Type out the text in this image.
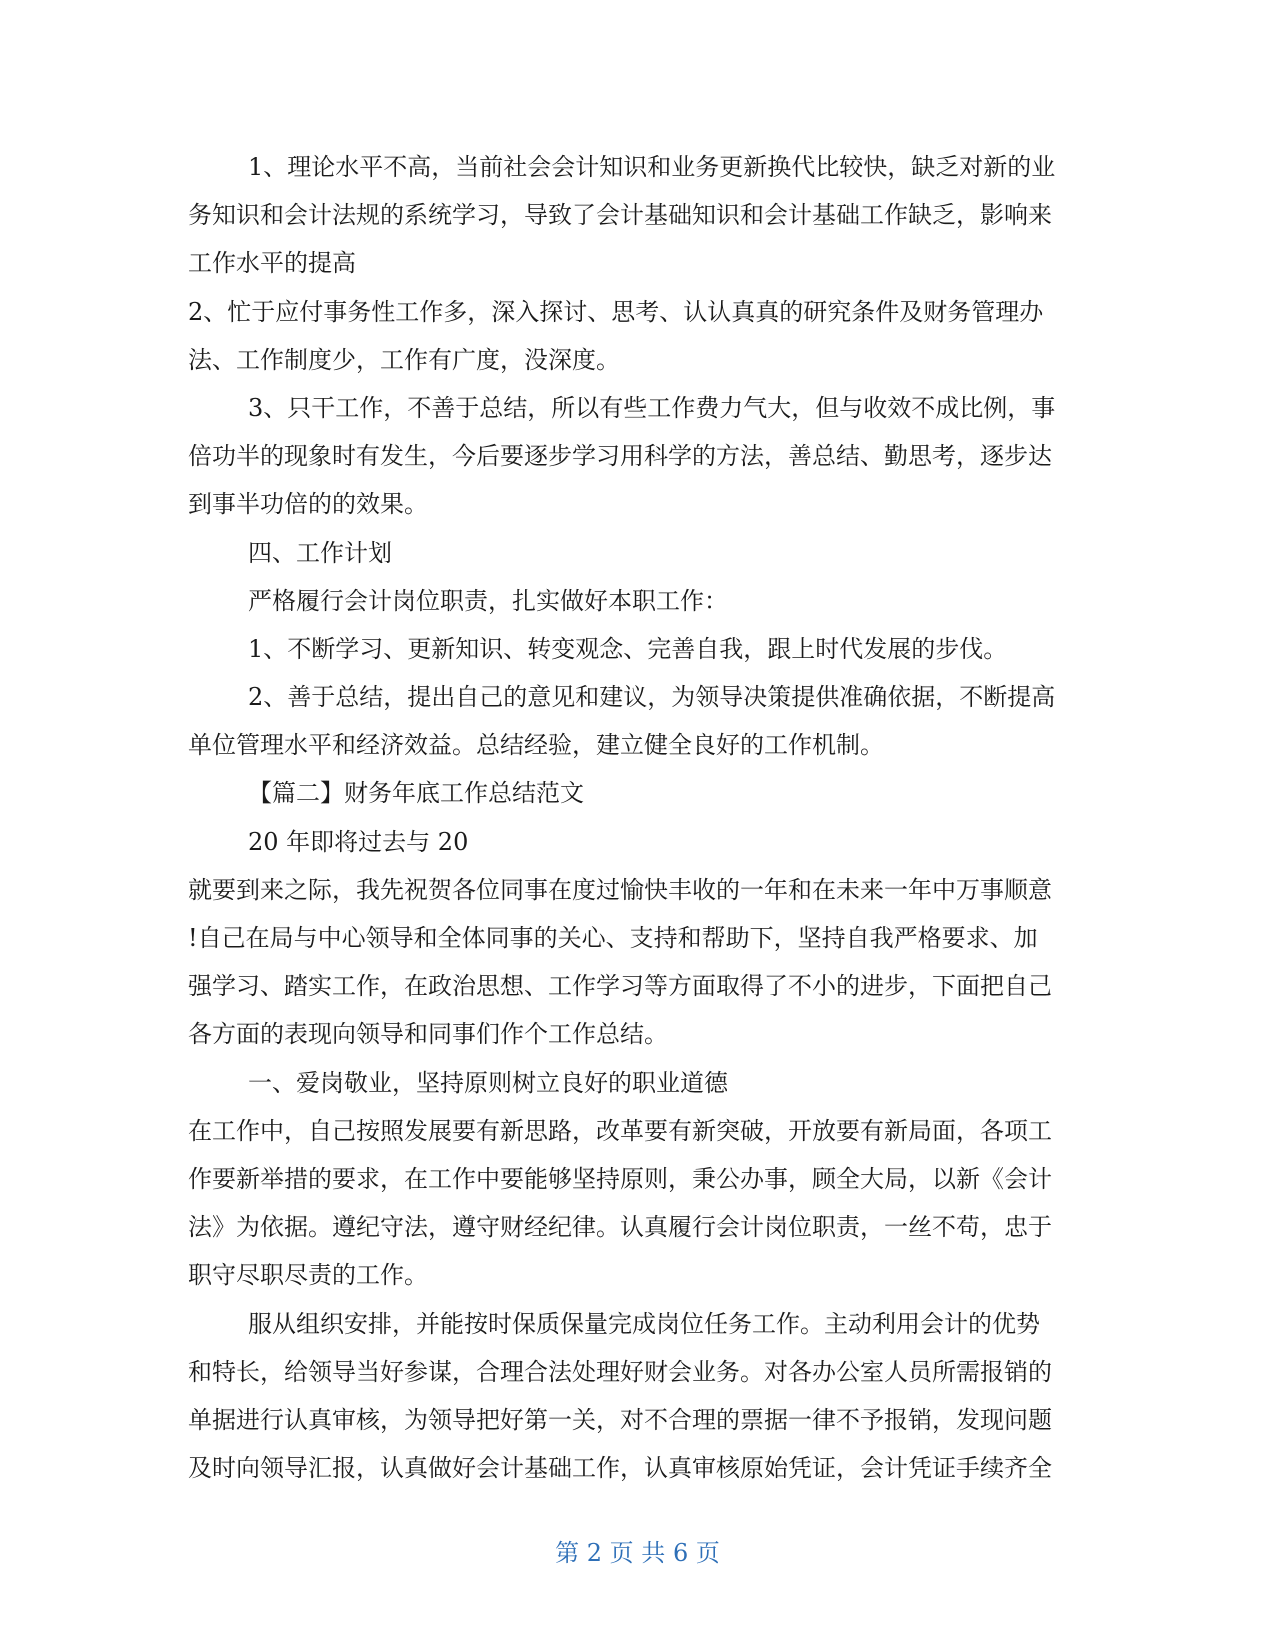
1、理论水平不高，当前社会会计知识和业务更新换代比较快，缺乏对新的业
务知识和会计法规的系统学习，导致了会计基础知识和会计基础工作缺乏，影响来
工作水平的提高
2、忙于应付事务性工作多，深入探讨、思考、认认真真的研究条件及财务管理办
法、工作制度少，工作有广度，没深度。
3、只干工作，不善于总结，所以有些工作费力气大，但与收效不成比例，事
倍功半的现象时有发生，今后要逐步学习用科学的方法，善总结、勤思考，逐步达
到事半功倍的的效果。
四、工作计划
严格履行会计岗位职责，扎实做好本职工作：
1、不断学习、更新知识、转变观念、完善自我，跟上时代发展的步伐。
2、善于总结，提出自己的意见和建议，为领导决策提供准确依据，不断提高
单位管理水平和经济效益。总结经验，建立健全良好的工作机制。
【篇二】财务年底工作总结范文
20 年即将过去与 20
就要到来之际，我先祝贺各位同事在度过愉快丰收的一年和在未来一年中万事顺意
!自己在局与中心领导和全体同事的关心、支持和帮助下，坚持自我严格要求、加
强学习、踏实工作，在政治思想、工作学习等方面取得了不小的进步，下面把自己
各方面的表现向领导和同事们作个工作总结。
一、爱岗敬业，坚持原则树立良好的职业道德
在工作中，自己按照发展要有新思路，改革要有新突破，开放要有新局面，各项工
作要新举措的要求，在工作中要能够坚持原则，秉公办事，顾全大局，以新《会计
法》为依据。遵纪守法，遵守财经纪律。认真履行会计岗位职责，一丝不苟，忠于
职守尽职尽责的工作。
服从组织安排，并能按时保质保量完成岗位任务工作。主动利用会计的优势
和特长，给领导当好参谋，合理合法处理好财会业务。对各办公室人员所需报销的
单据进行认真审核，为领导把好第一关，对不合理的票据一律不予报销，发现问题
及时向领导汇报，认真做好会计基础工作，认真审核原始凭证，会计凭证手续齐全
第 2 页 共 6 页
